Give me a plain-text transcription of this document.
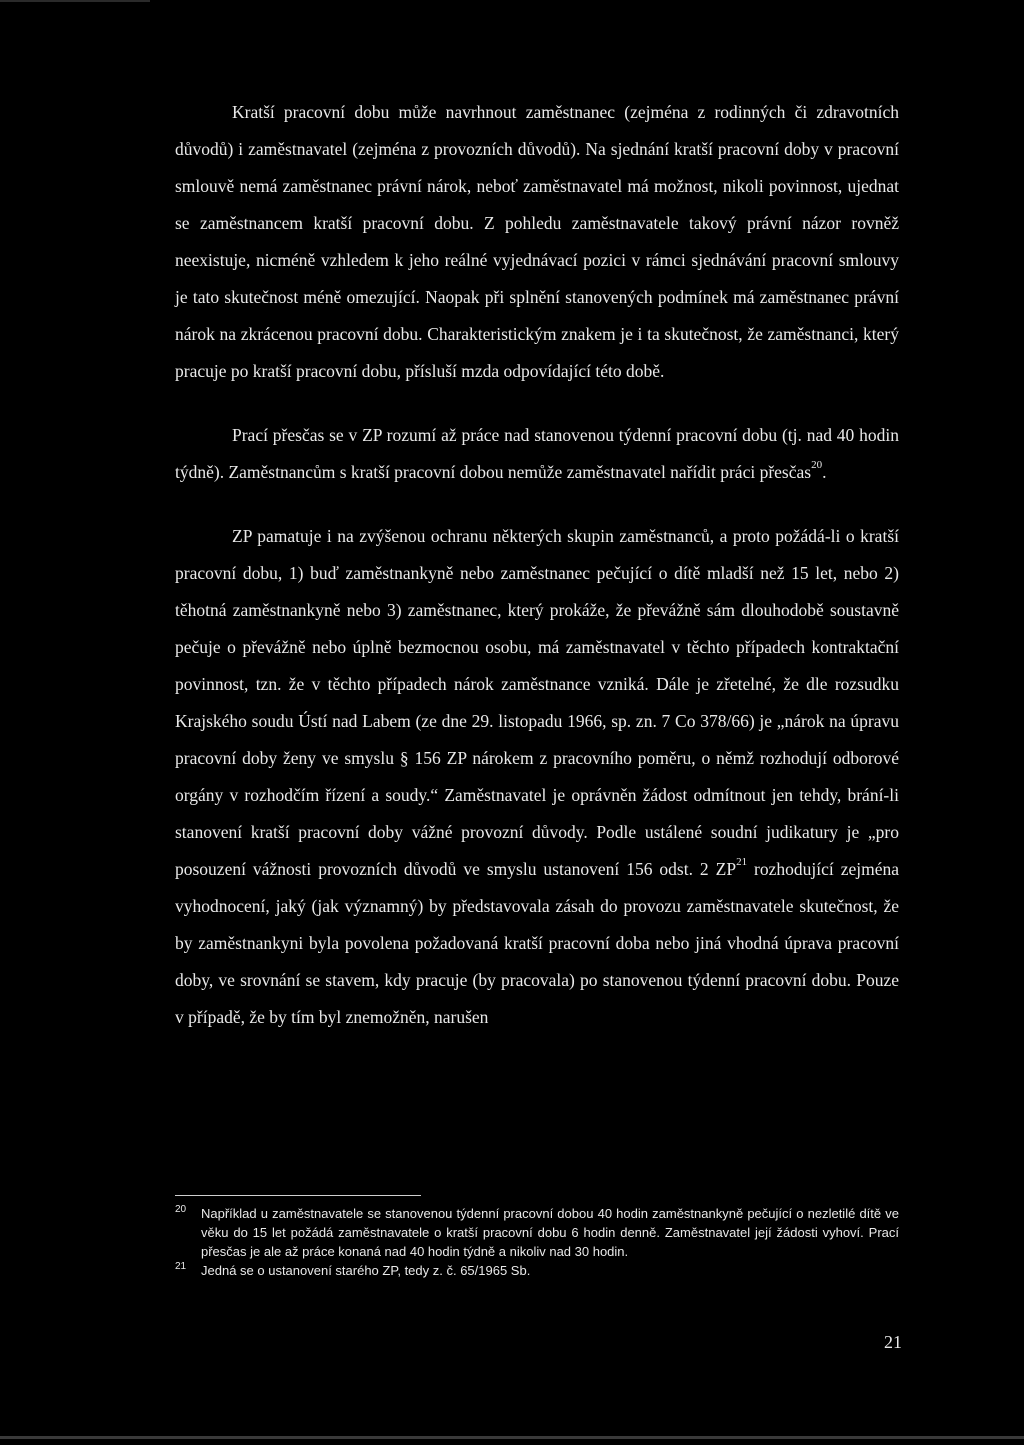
Kratší pracovní dobu může navrhnout zaměstnanec (zejména z rodinných či zdravotních důvodů) i zaměstnavatel (zejména z provozních důvodů). Na sjednání kratší pracovní doby v pracovní smlouvě nemá zaměstnanec právní nárok, neboť zaměstnavatel má možnost, nikoli povinnost, ujednat se zaměstnancem kratší pracovní dobu. Z pohledu zaměstnavatele takový právní názor rovněž neexistuje, nicméně vzhledem k jeho reálné vyjednávací pozici v rámci sjednávání pracovní smlouvy je tato skutečnost méně omezující. Naopak při splnění stanovených podmínek má zaměstnanec právní nárok na zkrácenou pracovní dobu. Charakteristickým znakem je i ta skutečnost, že zaměstnanci, který pracuje po kratší pracovní dobu, přísluší mzda odpovídající této době.

Prací přesčas se v ZP rozumí až práce nad stanovenou týdenní pracovní dobu (tj. nad 40 hodin týdně). Zaměstnancům s kratší pracovní dobou nemůže zaměstnavatel nařídit práci přesčas$^{20}$.

ZP pamatuje i na zvýšenou ochranu některých skupin zaměstnanců, a proto požádá-li o kratší pracovní dobu, 1) buď zaměstnankyně nebo zaměstnanec pečující o dítě mladší než 15 let, nebo 2) těhotná zaměstnankyně nebo 3) zaměstnanec, který prokáže, že převážně sám dlouhodobě soustavně pečuje o převážně nebo úplně bezmocnou osobu, má zaměstnavatel v těchto případech kontraktační povinnost, tzn. že v těchto případech nárok zaměstnance vzniká. Dále je zřetelné, že dle rozsudku Krajského soudu Ústí nad Labem (ze dne 29. listopadu 1966, sp. zn. 7 Co 378/66) je „nárok na úpravu pracovní doby ženy ve smyslu § 156 ZP nárokem z pracovního poměru, o němž rozhodují odborové orgány v rozhodčím řízení a soudy.“ Zaměstnavatel je oprávněn žádost odmítnout jen tehdy, brání-li stanovení kratší pracovní doby vážné provozní důvody. Podle ustálené soudní judikatury je „pro posouzení vážnosti provozních důvodů ve smyslu ustanovení 156 odst. 2 ZP$^{21}$ rozhodující zejména vyhodnocení, jaký (jak významný) by představovala zásah do provozu zaměstnavatele skutečnost, že by zaměstnankyni byla povolena požadovaná kratší pracovní doba nebo jiná vhodná úprava pracovní doby, ve srovnání se stavem, kdy pracuje (by pracovala) po stanovenou týdenní pracovní dobu. Pouze v případě, že by tím byl znemožněn, narušen

20 Například u zaměstnavatele se stanovenou týdenní pracovní dobou 40 hodin zaměstnankyně pečující o nezletilé dítě ve věku do 15 let požádá zaměstnavatele o kratší pracovní dobu 6 hodin denně. Zaměstnavatel její žádosti vyhoví. Prací přesčas je ale až práce konaná nad 40 hodin týdně a nikoliv nad 30 hodin.

21 Jedná se o ustanovení starého ZP, tedy z. č. 65/1965 Sb.

21
